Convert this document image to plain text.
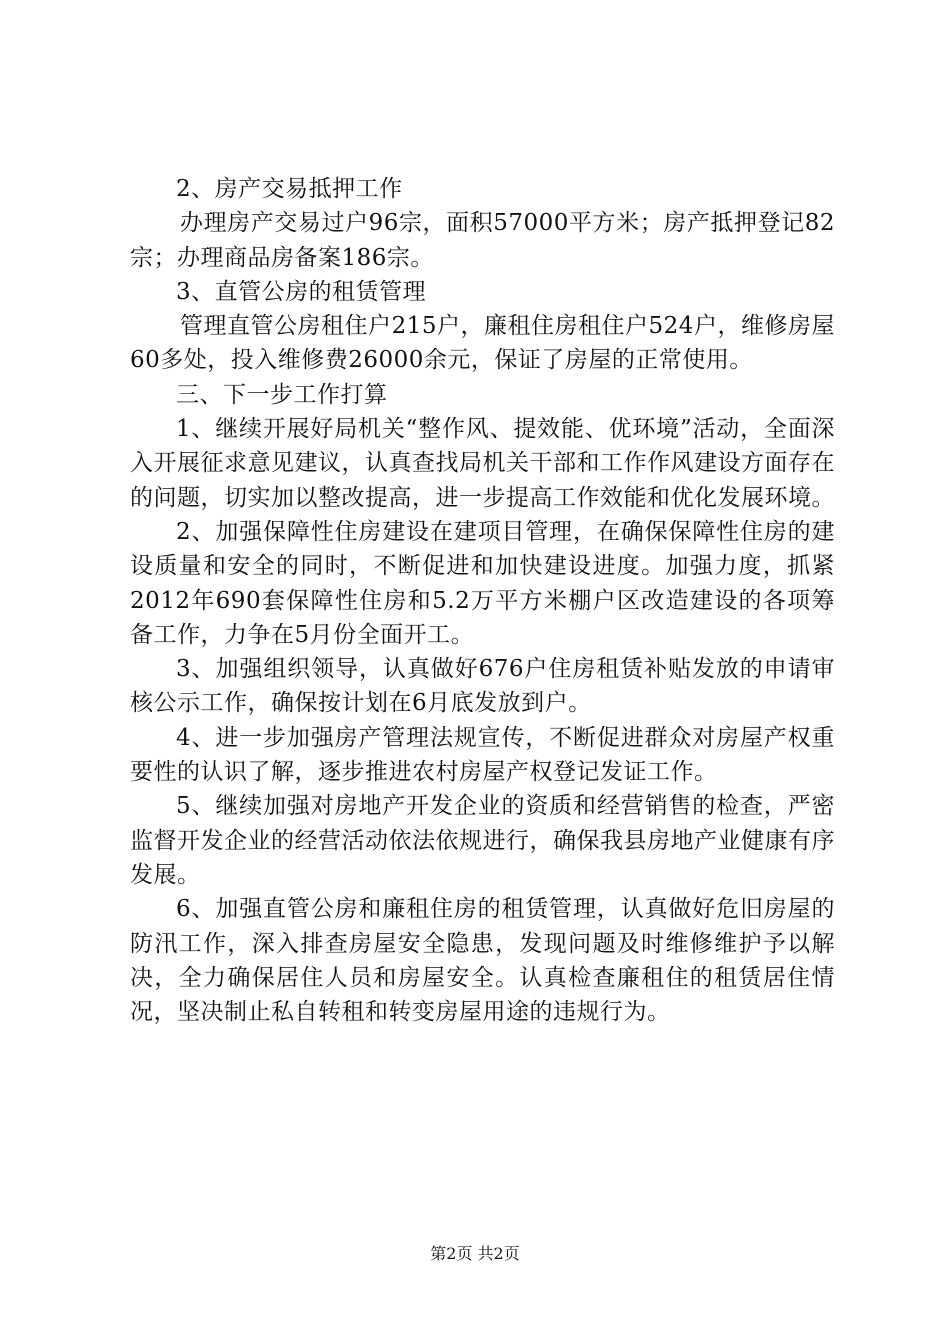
2、房产交易抵押工作

办理房产交易过户96宗，面积57000平方米；房产抵押登记82宗；办理商品房备案186宗。

3、直管公房的租赁管理

管理直管公房租住户215户，廉租住房租住户524户，维修房屋60多处，投入维修费26000余元，保证了房屋的正常使用。

三、下一步工作打算

1、继续开展好局机关“整作风、提效能、优环境”活动，全面深入开展征求意见建议，认真查找局机关干部和工作作风建设方面存在的问题，切实加以整改提高，进一步提高工作效能和优化发展环境。

2、加强保障性住房建设在建项目管理，在确保保障性住房的建设质量和安全的同时，不断促进和加快建设进度。加强力度，抓紧2012年690套保障性住房和5.2万平方米棚户区改造建设的各项筹备工作，力争在5月份全面开工。

3、加强组织领导，认真做好676户住房租赁补贴发放的申请审核公示工作，确保按计划在6月底发放到户。

4、进一步加强房产管理法规宣传，不断促进群众对房屋产权重要性的认识了解，逐步推进农村房屋产权登记发证工作。

5、继续加强对房地产开发企业的资质和经营销售的检查，严密监督开发企业的经营活动依法依规进行，确保我县房地产业健康有序发展。

6、加强直管公房和廉租住房的租赁管理，认真做好危旧房屋的防汛工作，深入排查房屋安全隐患，发现问题及时维修维护予以解决，全力确保居住人员和房屋安全。认真检查廉租住的租赁居住情况，坚决制止私自转租和转变房屋用途的违规行为。

第2页 共2页
